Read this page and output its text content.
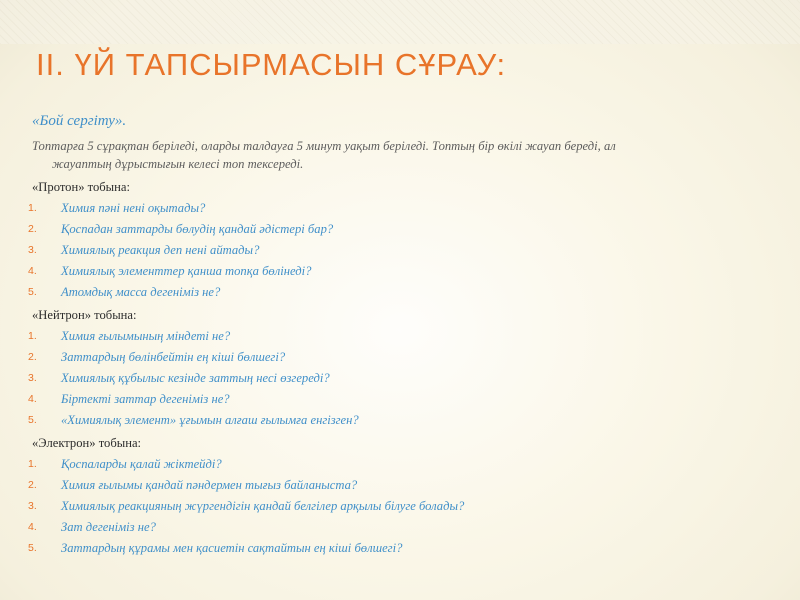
II. ҮЙ ТАПСЫРМАСЫН СҰРАУ:

«Бой сергіту».

Топтарға 5 сұрақтан беріледі, оларды талдауға 5 минут уақыт беріледі. Топтың бір өкілі жауап береді, ал
жауаптың дұрыстығын келесі топ тексереді.

«Протон» тобына:

1. Химия пәні нені оқытады?
2. Қоспадан заттарды бөлудің қандай әдістері бар?
3. Химиялық реакция деп нені айтады?
4. Химиялық элементтер қанша топқа бөлінеді?
5. Атомдық масса дегеніміз не?

«Нейтрон» тобына:

1. Химия ғылымының міндеті не?
2. Заттардың бөлінбейтін ең кіші бөлшегі?
3. Химиялық құбылыс кезінде заттың несі өзгереді?
4. Біртекті заттар дегеніміз не?
5. «Химиялық элемент» ұғымын алғаш ғылымға енгізген?

«Электрон» тобына:

1. Қоспаларды қалай жіктейді?
2. Химия ғылымы қандай пәндермен тығыз байланыста?
3. Химиялық реакцияның жүргендігін қандай белгілер арқылы білуге болады?
4. Зат дегеніміз не?
5. Заттардың құрамы мен қасиетін сақтайтын ең кіші бөлшегі?
